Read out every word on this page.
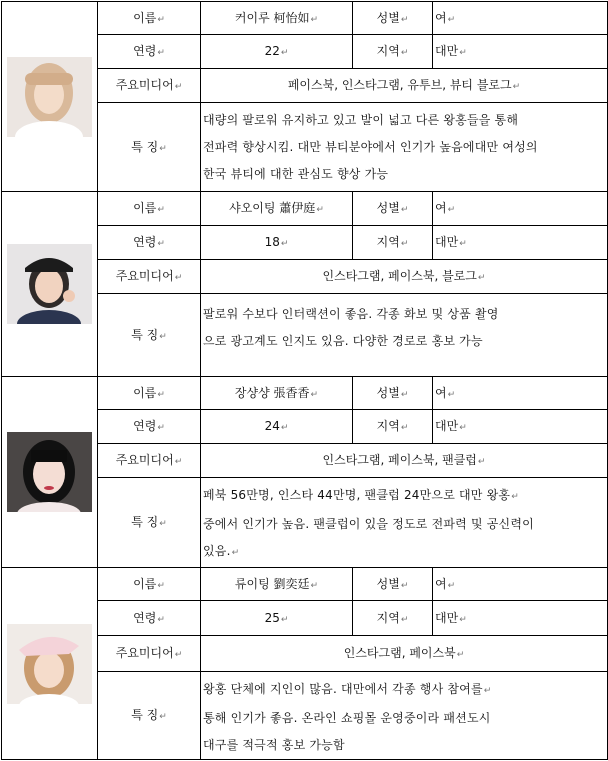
	이름↵	커이루 柯怡如↵	성별↵	여↵
	연령↵	22↵	지역↵	대만↵
	주요미디어↵	페이스북, 인스타그램, 유투브, 뷰티 블로그↵		
	특 징↵	대량의 팔로워 유지하고 있고 발이 넓고 다른 왕홍들을 통해
전파력 향상시킴. 대만 뷰티분야에서 인기가 높음에대만 여성의
한국 뷰티에 대한 관심도 향상 가능		

	이름↵	샤오이팅 蕭伊庭↵	성별↵	여↵
	연령↵	18↵	지역↵	대만↵
	주요미디어↵	인스타그램, 페이스북, 블로그↵		
	특 징↵	팔로워 수보다 인터랙션이 좋음. 각종 화보 및 상품 촬영
으로 광고계도 인지도 있음. 다양한 경로로 홍보 가능		

	이름↵	장샹샹 張香香↵	성별↵	여↵
	연령↵	24↵	지역↵	대만↵
	주요미디어↵	인스타그램, 페이스북, 팬클럽↵		
	특 징↵	페북 56만명, 인스타 44만명, 팬클럽 24만으로 대만 왕홍↵
중에서 인기가 높음. 팬클럽이 있을 정도로 전파력 및 공신력이
있음.↵		

	이름↵	류이팅 劉奕廷↵	성별↵	여↵
	연령↵	25↵	지역↵	대만↵
	주요미디어↵	인스타그램, 페이스북↵		
	특 징↵	왕홍 단체에 지인이 많음. 대만에서 각종 행사 참여를↵
통해 인기가 좋음. 온라인 쇼핑몰 운영중이라 패션도시
대구를 적극적 홍보 가능함		
